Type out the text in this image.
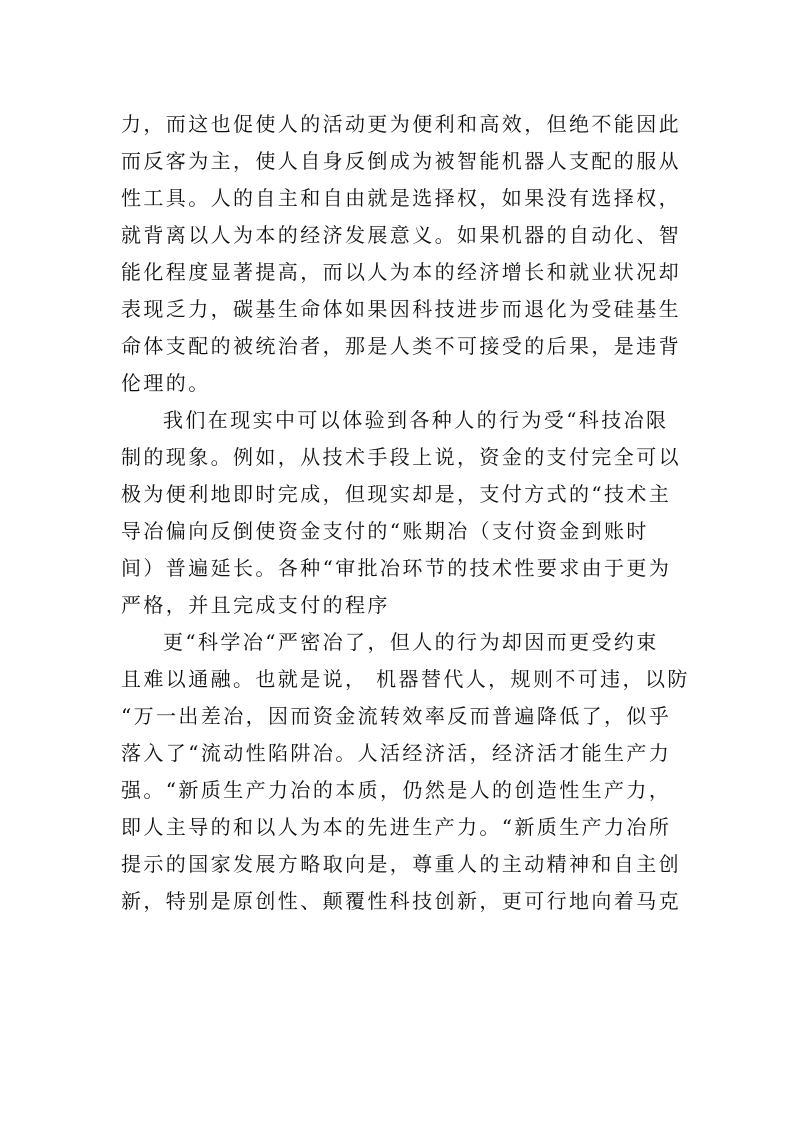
力，而这也促使人的活动更为便利和高效，但绝不能因此
而反客为主，使人自身反倒成为被智能机器人支配的服从
性工具。人的自主和自由就是选择权，如果没有选择权，
就背离以人为本的经济发展意义。如果机器的自动化、智
能化程度显著提高，而以人为本的经济增长和就业状况却
表现乏力，碳基生命体如果因科技进步而退化为受硅基生
命体支配的被统治者，那是人类不可接受的后果，是违背
伦理的。
我们在现实中可以体验到各种人的行为受“科技冶限
制的现象。例如，从技术手段上说，资金的支付完全可以
极为便利地即时完成，但现实却是，支付方式的“技术主
导冶偏向反倒使资金支付的“账期冶（支付资金到账时
间）普遍延长。各种“审批冶环节的技术性要求由于更为
严格，并且完成支付的程序
更“科学冶“严密冶了，但人的行为却因而更受约束
且难以通融。也就是说， 机器替代人，规则不可违，以防
“万一出差冶，因而资金流转效率反而普遍降低了，似乎
落入了“流动性陷阱冶。人活经济活，经济活才能生产力
强。“新质生产力冶的本质，仍然是人的创造性生产力，
即人主导的和以人为本的先进生产力。“新质生产力冶所
提示的国家发展方略取向是，尊重人的主动精神和自主创
新，特别是原创性、颠覆性科技创新，更可行地向着马克
